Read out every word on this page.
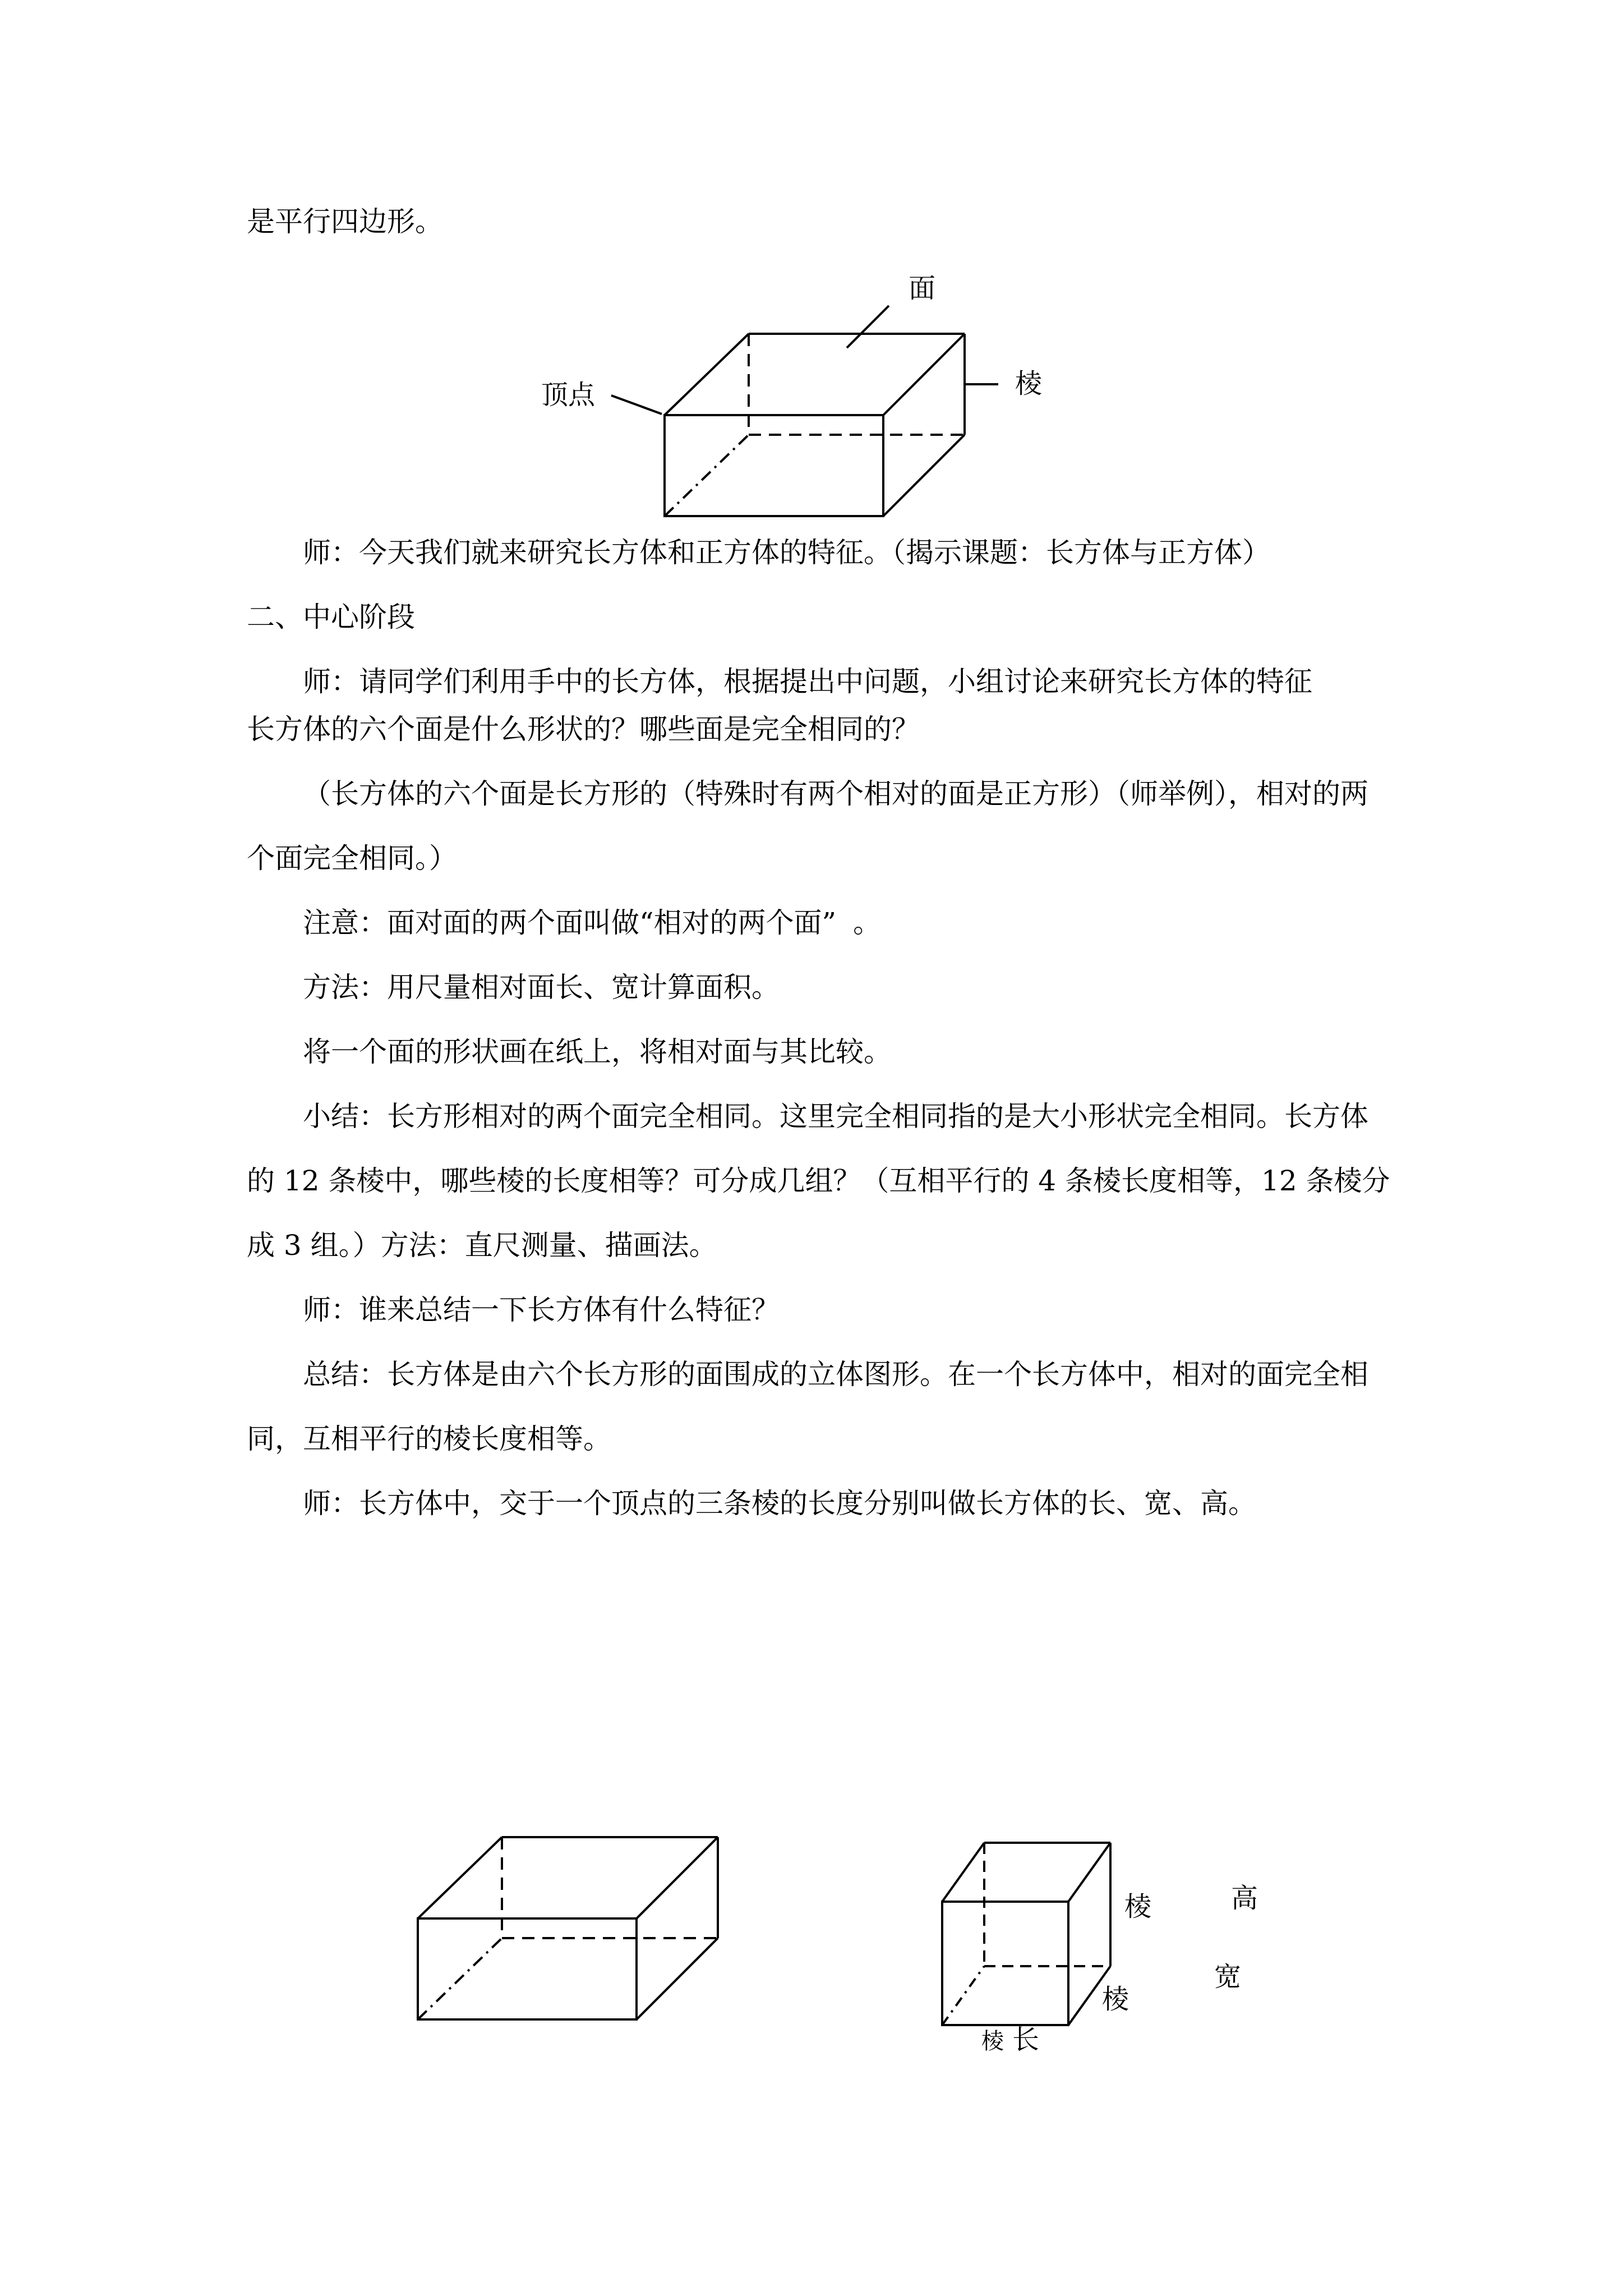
是平行四边形。
面
顶点	棱
师：今天我们就来研究长方体和正方体的特征。（揭示课题：长方体与正方体）
二、中心阶段
师：请同学们利用手中的长方体，根据提出中问题，小组讨论来研究长方体的特征
长方体的六个面是什么形状的？哪些面是完全相同的？
（长方体的六个面是长方形的（特殊时有两个相对的面是正方形）（师举例），相对的两
个面完全相同。）
注意：面对面的两个面叫做“相对的两个面” 。
方法：用尺量相对面长、宽计算面积。
将一个面的形状画在纸上，将相对面与其比较。
小结：长方形相对的两个面完全相同。这里完全相同指的是大小形状完全相同。长方体
的 12 条棱中，哪些棱的长度相等？可分成几组？（互相平行的 4 条棱长度相等，12 条棱分
成 3 组。）方法：直尺测量、描画法。
师：谁来总结一下长方体有什么特征？
总结：长方体是由六个长方形的面围成的立体图形。在一个长方体中，相对的面完全相
同，互相平行的棱长度相等。
师：长方体中，交于一个顶点的三条棱的长度分别叫做长方体的长、宽、高。
棱
棱
棱 长
高
宽
